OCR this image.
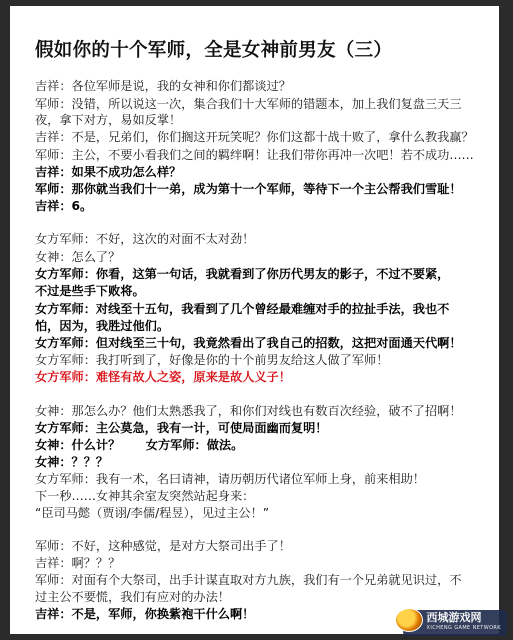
假如你的十个军师，全是女神前男友（三）
吉祥：各位军师是说，我的女神和你们都谈过？
军师：没错，所以说这一次，集合我们十大军师的错题本，加上我们复盘三天三
夜，拿下对方，易如反掌！
吉祥：不是，兄弟们，你们搁这开玩笑呢？你们这都十战十败了，拿什么教我赢？
军师：主公，不要小看我们之间的羁绊啊！让我们带你再冲一次吧！若不成功……
吉祥：如果不成功怎么样？
军师：那你就当我们十一弟，成为第十一个军师，等待下一个主公帮我们雪耻！
吉祥：6。
女方军师：不好，这次的对面不太对劲！
女神：怎么了？
女方军师：你看，这第一句话，我就看到了你历代男友的影子，不过不要紧，
不过是些手下败将。
女方军师：对线至十五句，我看到了几个曾经最难缠对手的拉扯手法，我也不
怕，因为，我胜过他们。
女方军师：但对线至三十句，我竟然看出了我自己的招数，这把对面通天代啊！
女方军师：我打听到了，好像是你的十个前男友给这人做了军师！
女方军师：难怪有故人之姿，原来是故人义子！
女神：那怎么办？他们太熟悉我了，和你们对线也有数百次经验，破不了招啊！
女方军师：主公莫急，我有一计，可使局面幽而复明！
女神：什么计？      女方军师：做法。
女神：？？？
女方军师：我有一术，名曰请神，请历朝历代诸位军师上身，前来相助！
下一秒……女神其余室友突然站起身来：
“臣司马懿（贾诩/李儒/程昱），见过主公！”
军师：不好，这种感觉，是对方大祭司出手了！
吉祥：啊？？？
军师：对面有个大祭司，出手计谋直取对方九族，我们有一个兄弟就见识过，不
过主公不要慌，我们有应对的办法！
吉祥：不是，军师，你换紫袍干什么啊！	西城游戏网
XICHENG GAME NETWORK
